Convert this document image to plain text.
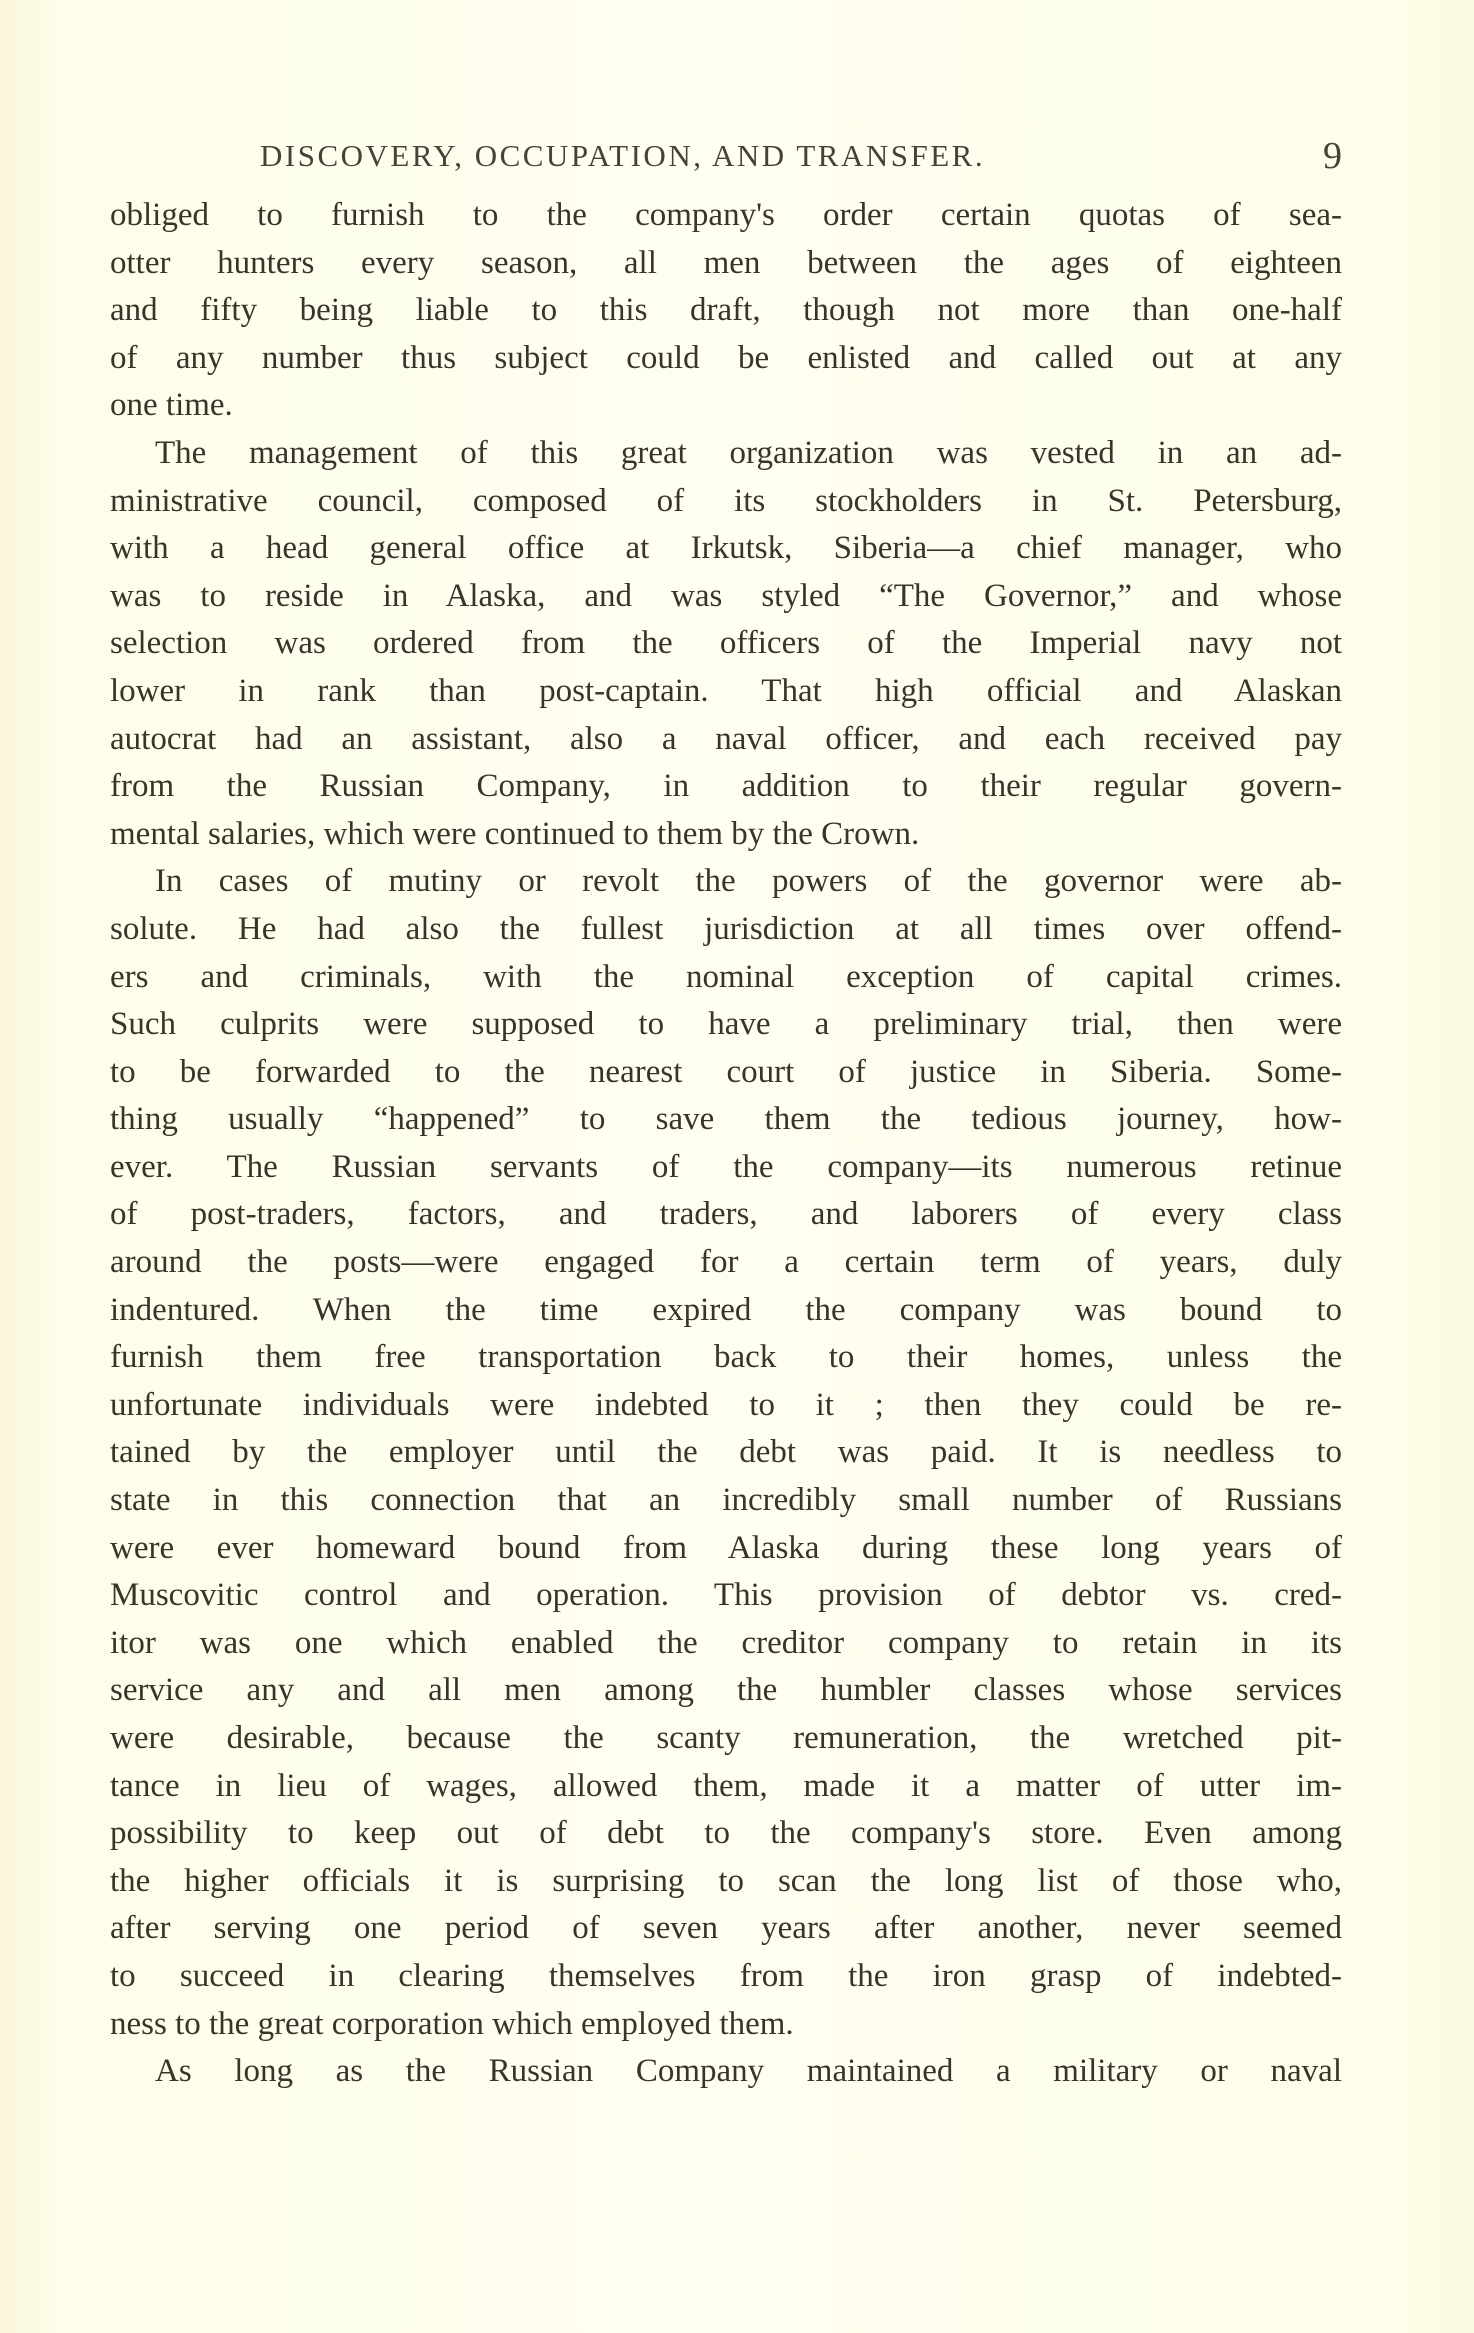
DISCOVERY, OCCUPATION, AND TRANSFER.	9
obliged to furnish to the company's order certain quotas of sea-
otter hunters every season, all men between the ages of eighteen
and fifty being liable to this draft, though not more than one-half
of any number thus subject could be enlisted and called out at any
one time.
The management of this great organization was vested in an ad-
ministrative council, composed of its stockholders in St. Petersburg,
with a head general office at Irkutsk, Siberia—a chief manager, who
was to reside in Alaska, and was styled “The Governor,” and whose
selection was ordered from the officers of the Imperial navy not
lower in rank than post-captain. That high official and Alaskan
autocrat had an assistant, also a naval officer, and each received pay
from the Russian Company, in addition to their regular govern-
mental salaries, which were continued to them by the Crown.
In cases of mutiny or revolt the powers of the governor were ab-
solute. He had also the fullest jurisdiction at all times over offend-
ers and criminals, with the nominal exception of capital crimes.
Such culprits were supposed to have a preliminary trial, then were
to be forwarded to the nearest court of justice in Siberia. Some-
thing usually “happened” to save them the tedious journey, how-
ever. The Russian servants of the company—its numerous retinue
of post-traders, factors, and traders, and laborers of every class
around the posts—were engaged for a certain term of years, duly
indentured. When the time expired the company was bound to
furnish them free transportation back to their homes, unless the
unfortunate individuals were indebted to it ; then they could be re-
tained by the employer until the debt was paid. It is needless to
state in this connection that an incredibly small number of Russians
were ever homeward bound from Alaska during these long years of
Muscovitic control and operation. This provision of debtor vs. cred-
itor was one which enabled the creditor company to retain in its
service any and all men among the humbler classes whose services
were desirable, because the scanty remuneration, the wretched pit-
tance in lieu of wages, allowed them, made it a matter of utter im-
possibility to keep out of debt to the company's store. Even among
the higher officials it is surprising to scan the long list of those who,
after serving one period of seven years after another, never seemed
to succeed in clearing themselves from the iron grasp of indebted-
ness to the great corporation which employed them.
As long as the Russian Company maintained a military or naval
